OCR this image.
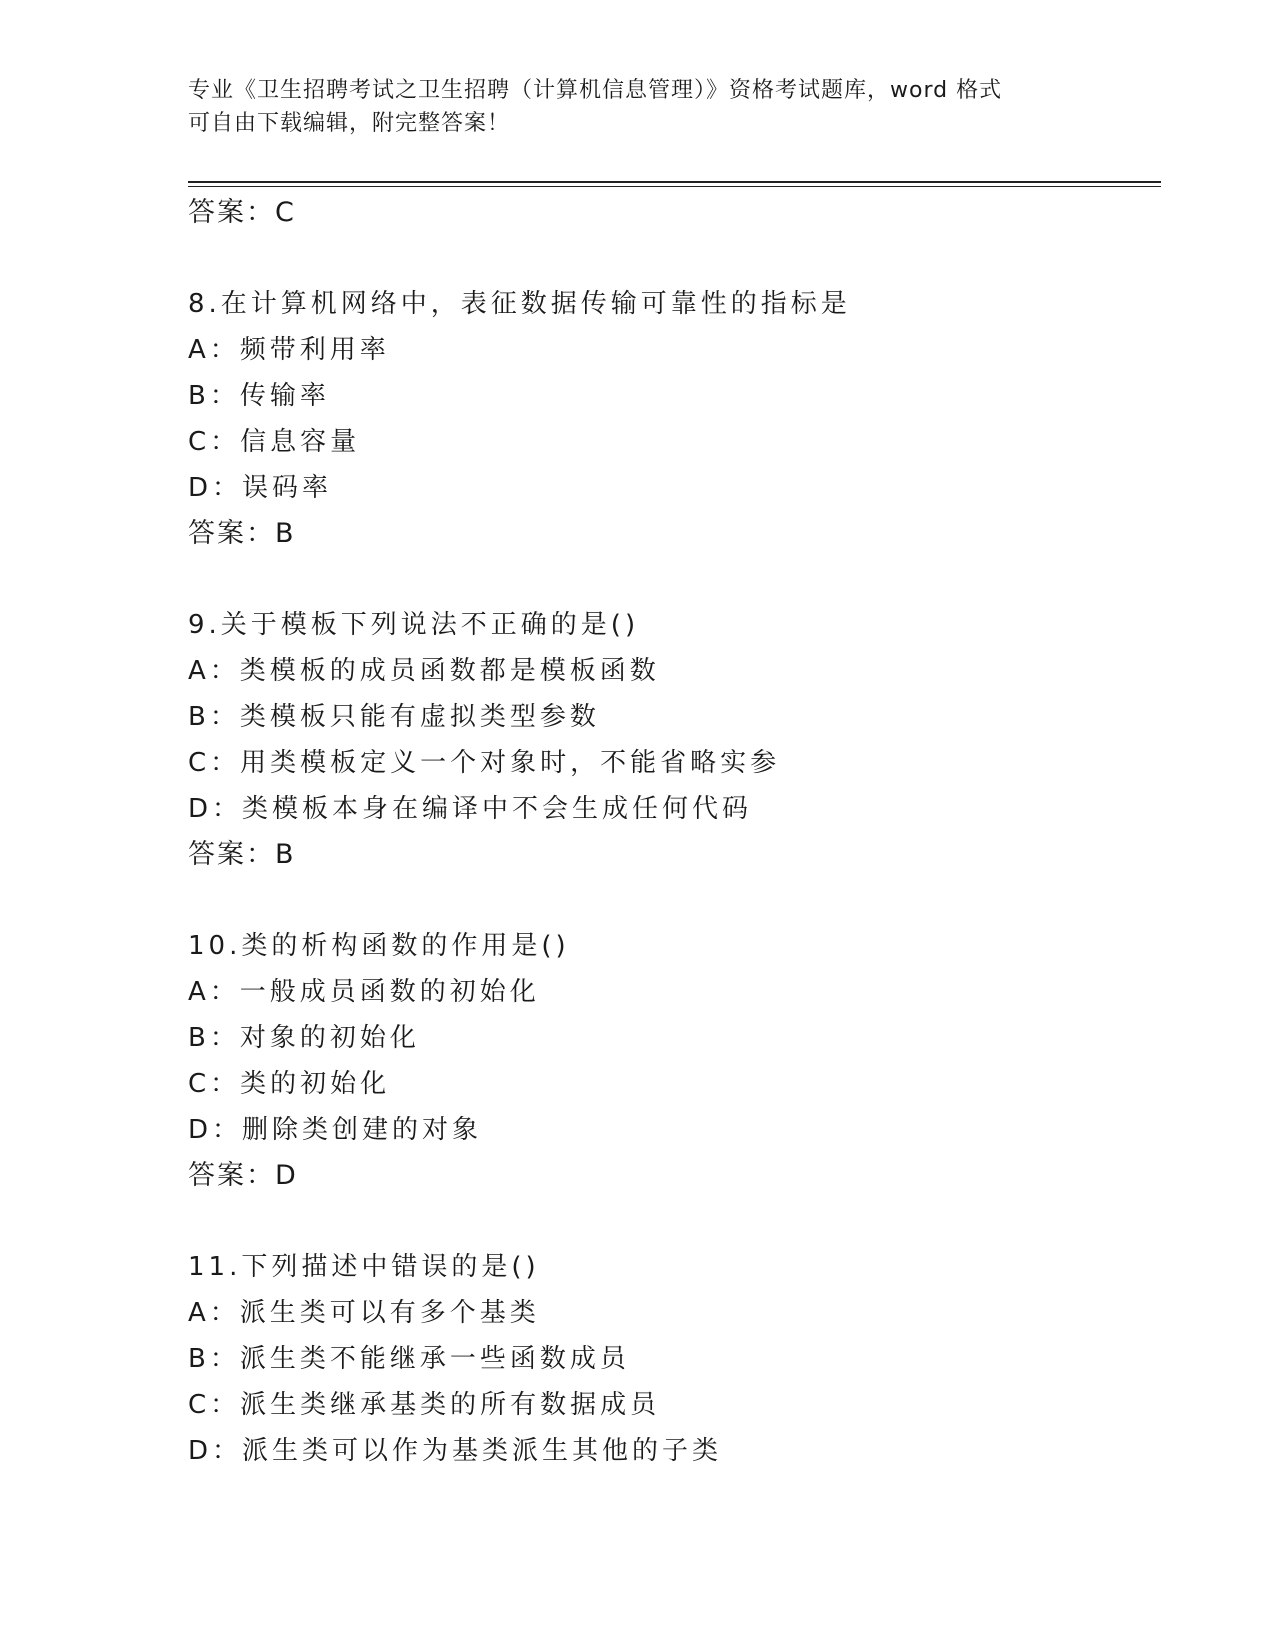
专业《卫生招聘考试之卫生招聘（计算机信息管理）》资格考试题库，word 格式
可自由下载编辑，附完整答案！
答案：C
8.在计算机网络中，表征数据传输可靠性的指标是
A：频带利用率
B：传输率
C：信息容量
D：误码率
答案：B
9.关于模板下列说法不正确的是()
A：类模板的成员函数都是模板函数
B：类模板只能有虚拟类型参数
C：用类模板定义一个对象时，不能省略实参
D：类模板本身在编译中不会生成任何代码
答案：B
10.类的析构函数的作用是()
A：一般成员函数的初始化
B：对象的初始化
C：类的初始化
D：删除类创建的对象
答案：D
11.下列描述中错误的是()
A：派生类可以有多个基类
B：派生类不能继承一些函数成员
C：派生类继承基类的所有数据成员
D：派生类可以作为基类派生其他的子类
